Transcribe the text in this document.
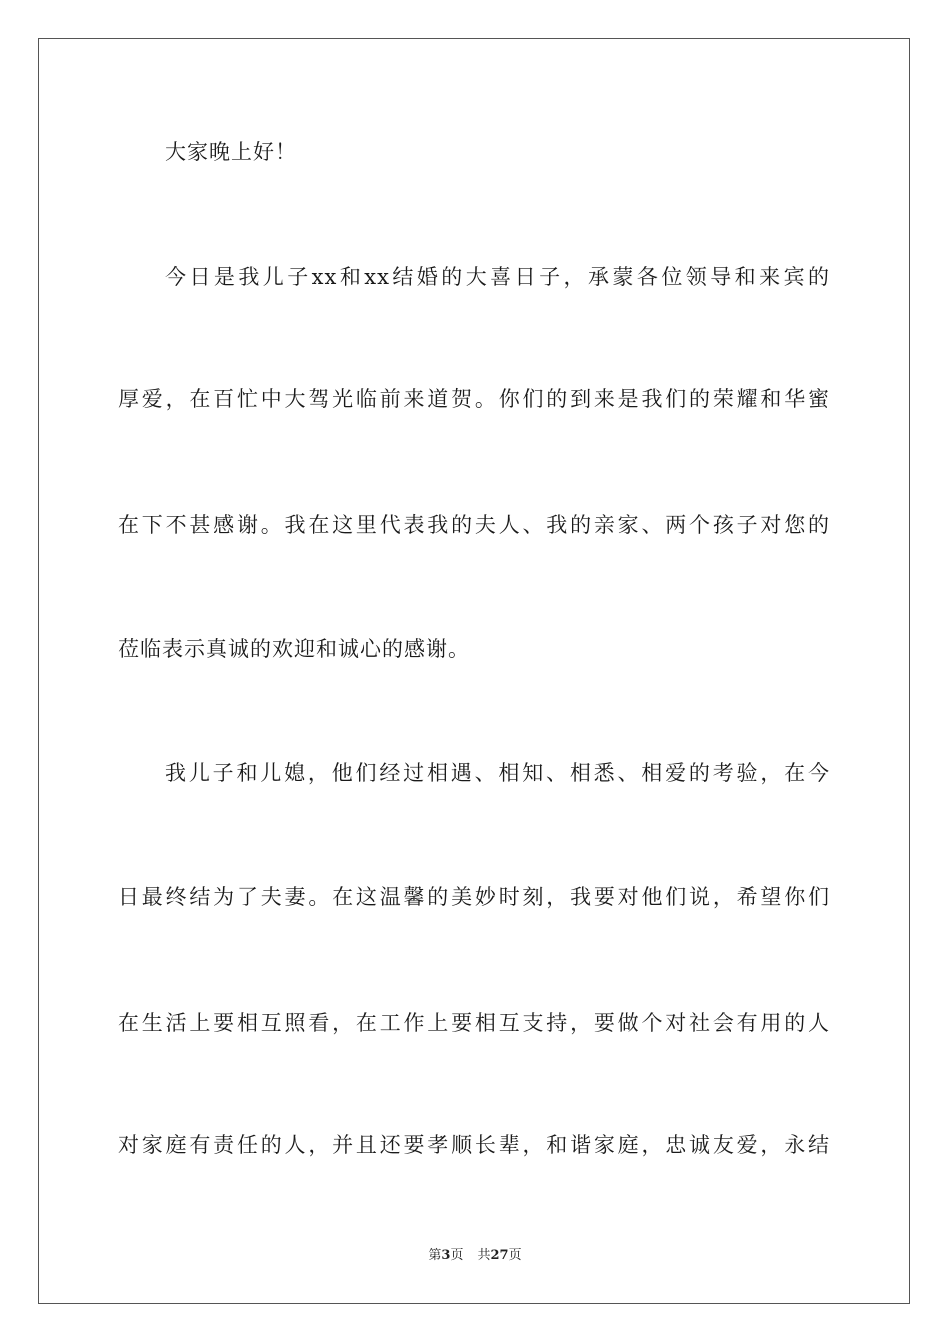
大家晚上好！
今日是我儿子xx和xx结婚的大喜日子，承蒙各位领导和来宾的
厚爱，在百忙中大驾光临前来道贺。你们的到来是我们的荣耀和华蜜
在下不甚感谢。我在这里代表我的夫人、我的亲家、两个孩子对您的
莅临表示真诚的欢迎和诚心的感谢。
我儿子和儿媳，他们经过相遇、相知、相悉、相爱的考验，在今
日最终结为了夫妻。在这温馨的美妙时刻，我要对他们说，希望你们
在生活上要相互照看，在工作上要相互支持，要做个对社会有用的人
对家庭有责任的人，并且还要孝顺长辈，和谐家庭，忠诚友爱，永结
第3页 共27页
